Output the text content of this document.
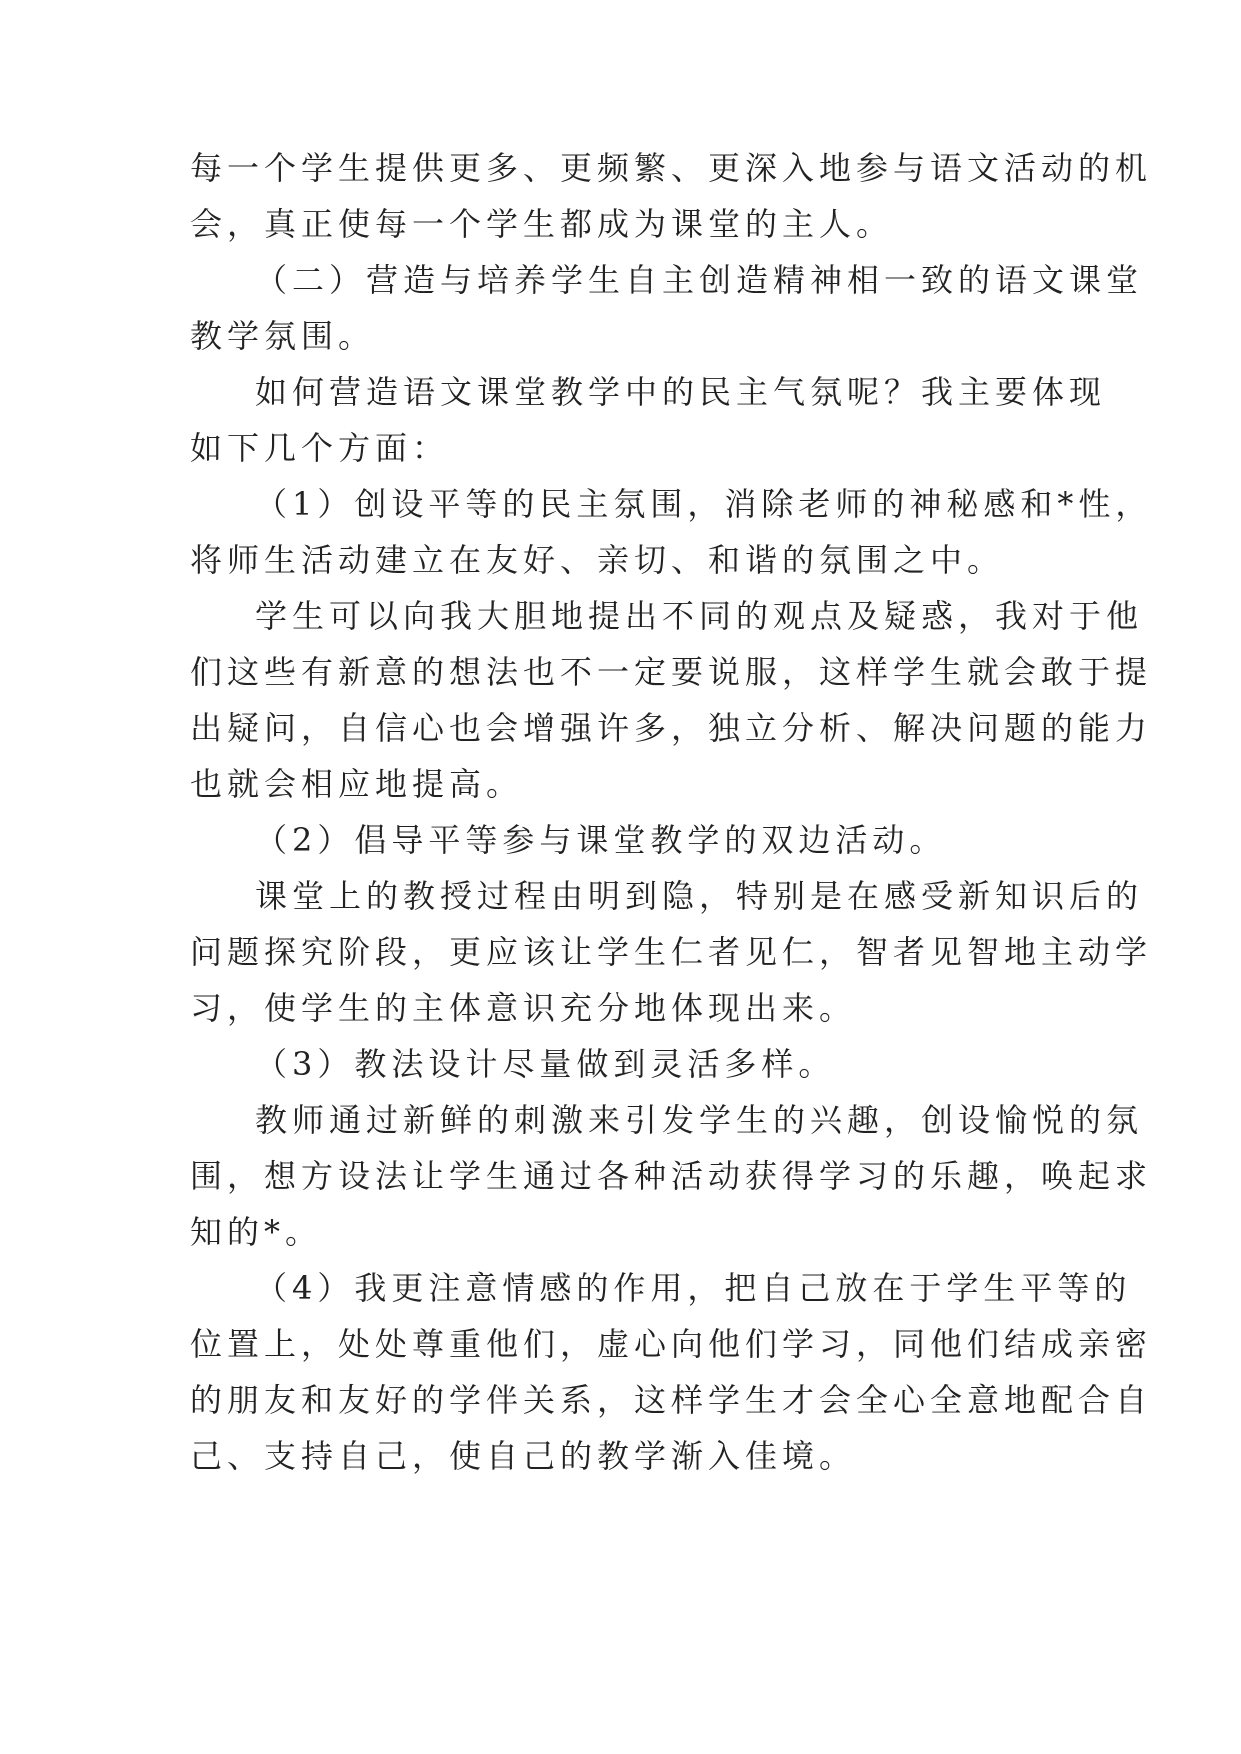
每一个学生提供更多、更频繁、更深入地参与语文活动的机
会，真正使每一个学生都成为课堂的主人。
（二）营造与培养学生自主创造精神相一致的语文课堂
教学氛围。
如何营造语文课堂教学中的民主气氛呢？我主要体现
如下几个方面：
（1）创设平等的民主氛围，消除老师的神秘感和*性，
将师生活动建立在友好、亲切、和谐的氛围之中。
学生可以向我大胆地提出不同的观点及疑惑，我对于他
们这些有新意的想法也不一定要说服，这样学生就会敢于提
出疑问，自信心也会增强许多，独立分析、解决问题的能力
也就会相应地提高。
（2）倡导平等参与课堂教学的双边活动。
课堂上的教授过程由明到隐，特别是在感受新知识后的
问题探究阶段，更应该让学生仁者见仁，智者见智地主动学
习，使学生的主体意识充分地体现出来。
（3）教法设计尽量做到灵活多样。
教师通过新鲜的刺激来引发学生的兴趣，创设愉悦的氛
围，想方设法让学生通过各种活动获得学习的乐趣，唤起求
知的*。
（4）我更注意情感的作用，把自己放在于学生平等的
位置上，处处尊重他们，虚心向他们学习，同他们结成亲密
的朋友和友好的学伴关系，这样学生才会全心全意地配合自
己、支持自己，使自己的教学渐入佳境。
